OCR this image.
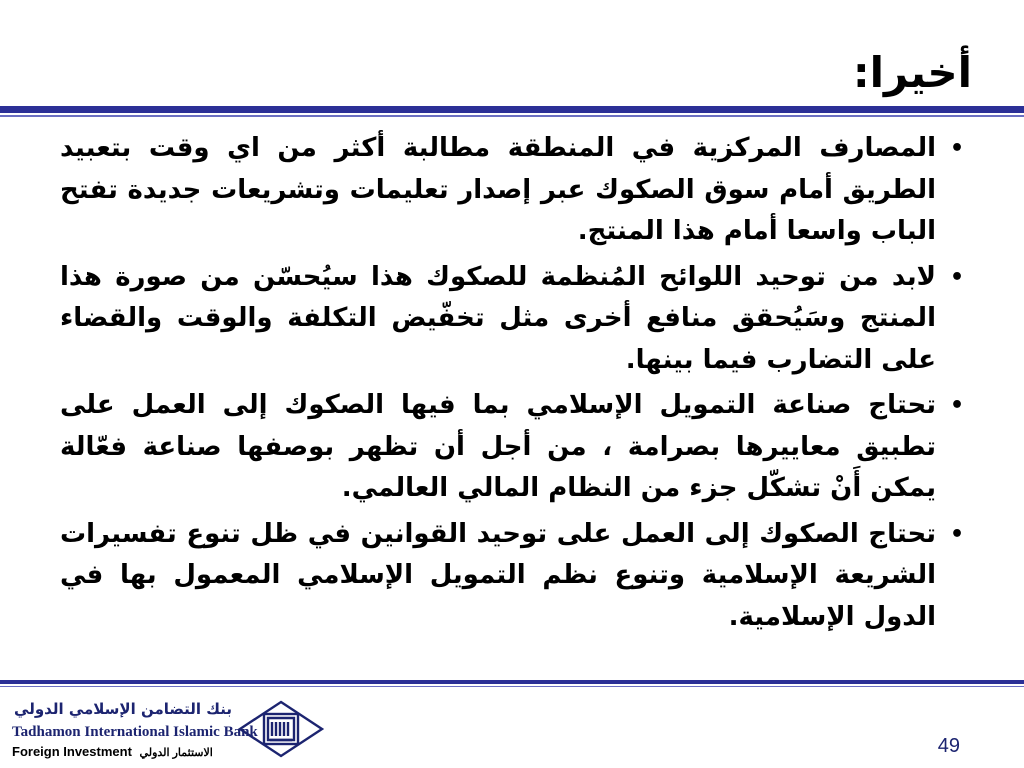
أخيرا:
•
المصارف المركزية في المنطقة مطالبة أكثر من اي وقت بتعبيد الطريق أمام سوق الصكوك عبر إصدار تعليمات وتشريعات جديدة تفتح الباب واسعا أمام هذا المنتج.
•
لابد من توحيد اللوائح المُنظمة للصكوك هذا سيُحسّن من صورة هذا المنتج وسَيُحقق منافع أخرى مثل تخفّيض التكلفة والوقت والقضاء على التضارب فيما بينها.
•
تحتاج صناعة التمويل الإسلامي بما فيها الصكوك إلى العمل على تطبيق معاييرها بصرامة ، من أجل أن تظهر بوصفها صناعة فعّالة يمكن أَنْ تشكّل جزء من النظام المالي العالمي.
•
تحتاج الصكوك إلى العمل على توحيد القوانين في ظل تنوع تفسيرات الشريعة الإسلامية وتنوع نظم التمويل الإسلامي المعمول بها في الدول الإسلامية.
بنك التضامن الإسلامي الدولي
Tadhamon International Islamic Bank
Foreign Investment الاستثمار الدولي	49
